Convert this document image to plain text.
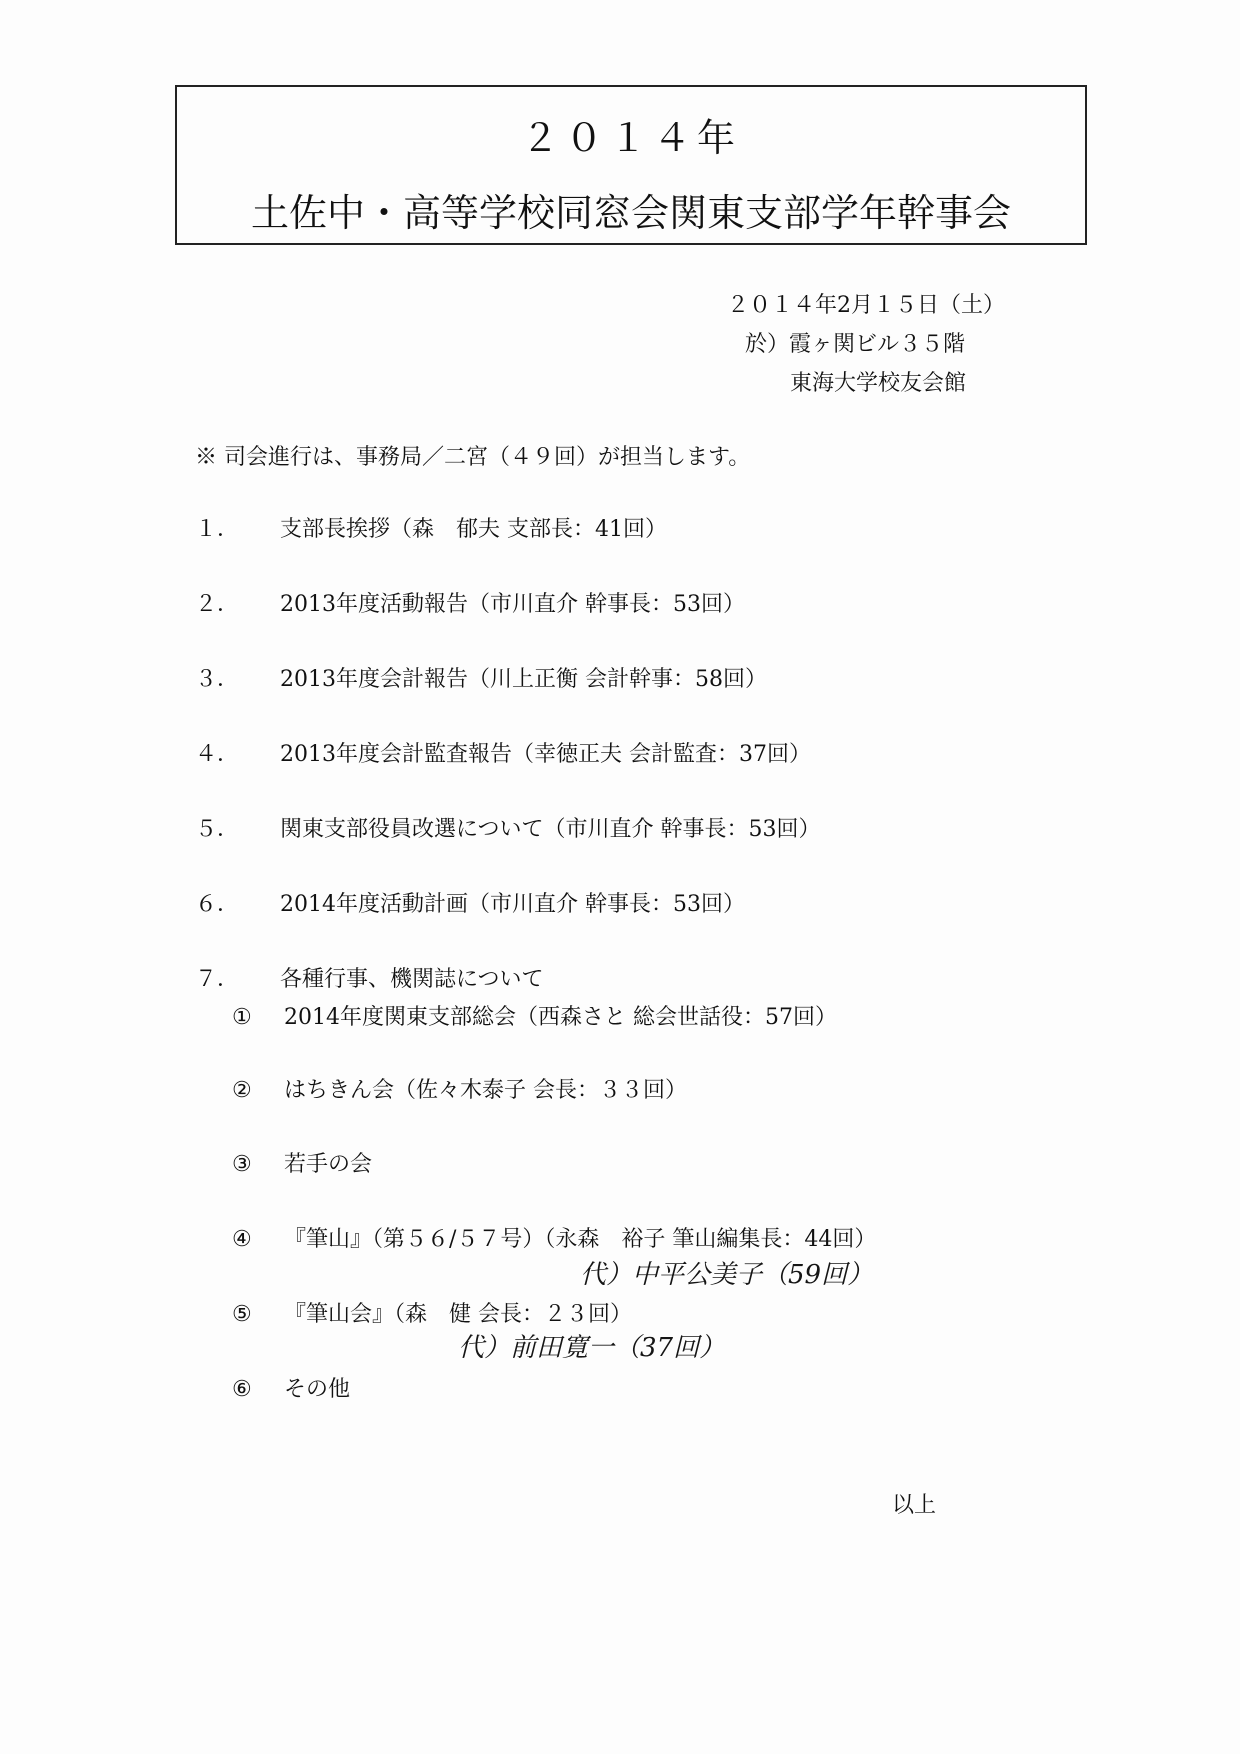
２０１４年
土佐中・高等学校同窓会関東支部学年幹事会
２０１４年2月１５日（土）
於）霞ヶ関ビル３５階
東海大学校友会館
※ 司会進行は、事務局／二宮（４９回）が担当します。
１． 支部長挨拶（森　郁夫 支部長：41回）
２． 2013年度活動報告（市川直介 幹事長：53回）
３． 2013年度会計報告（川上正衡 会計幹事：58回）
４． 2013年度会計監査報告（幸徳正夫 会計監査：37回）
５． 関東支部役員改選について（市川直介 幹事長：53回）
６． 2014年度活動計画（市川直介 幹事長：53回）
７． 各種行事、機関誌について
① 2014年度関東支部総会（西森さと 総会世話役：57回）
② はちきん会（佐々木泰子 会長：３３回）
③ 若手の会
④ 『筆山』（第５６/５７号）（永森　裕子 筆山編集長：44回）
代）中平公美子（59回）
⑤ 『筆山会』（森　健 会長：２３回）
代）前田寛一（37回）
⑥ その他
以上
